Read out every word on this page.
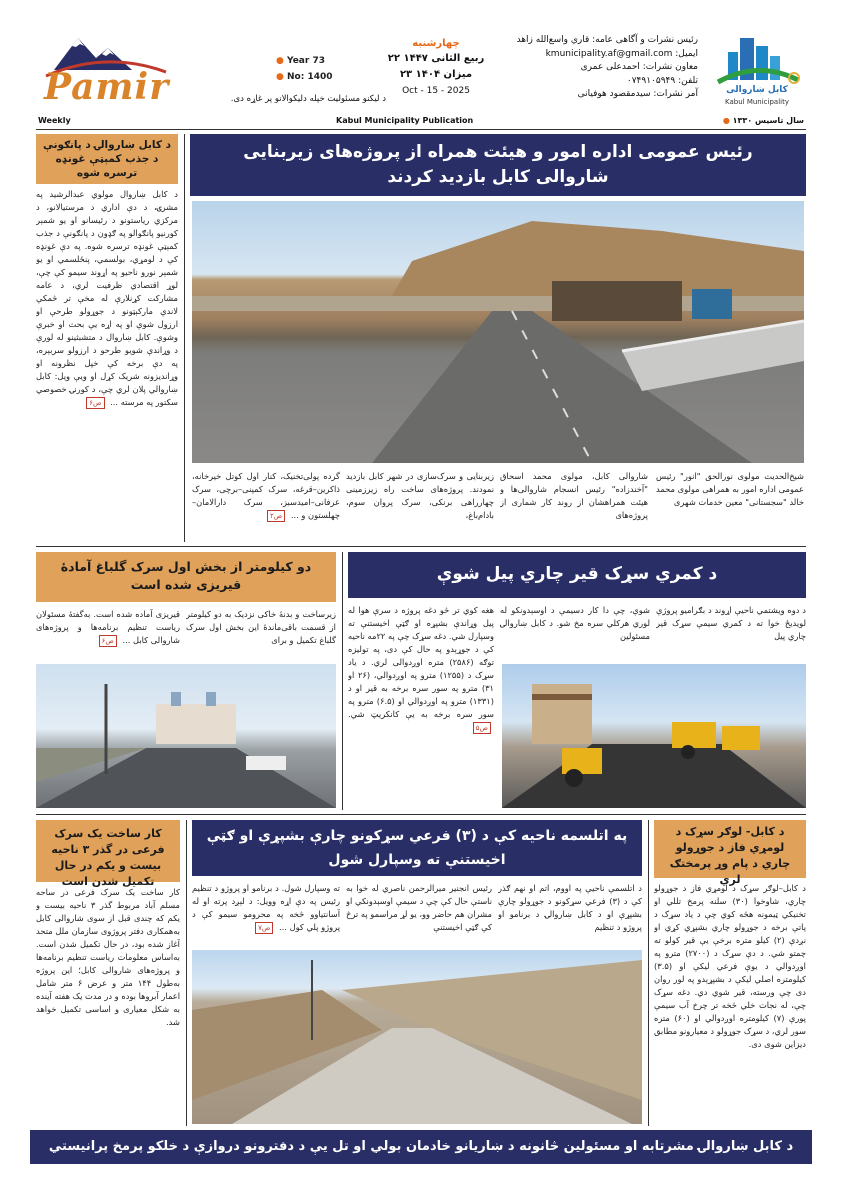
Pamir
● Year 73
● No: 1400
د لیکنو مسئولیت خپله دلیکوالانو پر غاړه دی.
چهارشنبه
۲۲ ربیع الثانی ۱۴۴۷
۲۳ میزان ۱۴۰۴
Oct - 15 - 2025
رئیس نشرات و آگاهی عامه: قاري واسع‌الله زاهد
ایمیل: kmunicipality.af@gmail.com
معاون نشرات: احمدعلی عمری
تلفن: ۰۷۴۹۱۰۵۹۴۹
آمر نشرات: سیدمقصود هوفیانی	کابل ښاروالی
Kabul Municipality
Weekly	Kabul Municipality Publication	● سال تاسیس ۱۳۳۰
د کابل ښاروالۍ د پانګونې د جذب کمېټې غونډه ترسره شوه
د کابل ښاروال مولوي عبدالرشید په مشرۍ، د دې اداري د مرستیالانو، د مرکزي ریاستونو د رئیسانو او یو شمېر کورنیو پانګوالو په ګډون د پانګونې د جذب کمېټې غونډه ترسره شوه. په دې غونډه کې د لومړي، بولسمي، پنځلسمي او یو شمېر نورو ناحیو په اړوند سیمو کې چې، لوړ اقتصادي ظرفیت لري، د عامه مشارکت کړنلارې له مخې تر څمکې لاندې مارکېټونو د جوړولو طرحې او ارزول شوې او په اړه یې بحث او خبرې وشوې. کابل ښاروال د متشبثینو له لورې د وړاندې شویو طرحو د ارزولو سربېره، په دې برخه کې خپل نظرونه او وړاندیزونه شریک کړل او ویې ویل: کابل ښاروالي پلان لري چې، د کورنۍ خصوصي سکتور په مرسته ... ص۶
رئیس عمومی اداره امور و هیئت همراه از پروژه‌های زیربنایی شاروالی کابل بازدید کردند
شیخ‌الحدیث مولوی نورالحق "انور" رئیس عمومی اداره امور به همراهی مولوی محمد خالد "سجستانی" معین خدمات شهری
شاروالی کابل، مولوی محمد اسحاق "آخندزاده" رئیس انسجام شاروالی‌ها و هیئت همراهشان از روند کار شماری از پروژه‌های
زیربنایی و سرک‌سازی در شهر کابل بازدید نمودند. پروژه‌های ساخت راه زیرزمینی چهارراهی برنکی، سرک پروان سوم، بادام‌باغ،
گرده‌ پولی‌تخنیک، کنار اول کوتل خیرخانه، ذاکرین–قرغه، سرک کمپنی–برچی، سرک عرفانی–امیدسبز، سرک دارالامان–چهلستون و ... ص۲
دو کیلومتر از بخش اول سرک گلباغ آمادهٔ قیریزی شده است
زیرساخت و بدنهٔ خاکی نزدیک به دو کیلومتر از قسمت باقی‌ماندهٔ این بخش اول سرک گلباغ تکمیل و برای
قیریزی آماده شده است. به‌گفتهٔ مسئولان ریاست تنظیم برنامه‌ها و پروژه‌های شاروالی کابل ... ص۶
د کمري سړک قیر چاري پیل شوې
د دوه ویشتمي ناحیې اړوند د بګرامیو پروژې لویدیځ خوا ته د کمري سیمې سړک قیر چاري پیل
شوې، چې دا کار دسیمې د اوسېدونکو له لوري هرکلي سره مخ شو. د کابل ښاروالۍ مسئولین
هغه کوي تر څو دغه پروژه د سرې هوا له پیل وړاندې بشپړه او ګټې اخیستنې ته وسپارل شي. دغه سړک چې په ۲۲مه ناحیه کې د جوړېدو په حال کې دی، په تولیزه توګه (۲۵۸۶) متره اوږدوالی لري. د یاد سړک د (۱۲۵۵) مترو په اوږدوالي، (۲۶ او ۳۱) مترو په سور سره برخه به قیر او د (۱۳۳۱) مترو په اوږدوالي او (۶.۵) مترو په سور سره برخه به یې کانکریټ شي. ص۵
د کابل- لوګر سړک د لومړي فاز د جوړولو چاري د پام وړ پرمختګ لري
د کابل–لوګر سړک د لومړي فاز د جوړولو چاري، شاوخوا (۳۰) سلنه پرمخ تللي او تخنیکي ټیمونه هڅه کوي چې د یاد سړک د پاتې برخه د جوړولو چاري بشپړي کړي او نږدې (۲) کیلو متره برخې یې قیر کولو ته چمتو شي. د دې سړک د (۲۷۰۰) مترو په اوږدوالي د یوې فرعي لیکې او (۳.۵) کیلومتره اصلي لیکې د بشپړېدو په لور روان دی چې ورسته، قیر شوي دي. دغه سړک چې، له نجات خلي څخه تر چرخ آب سیمې پورې (۷) کیلومتره اوږدوالي او (۶۰) متره سور لري، د سړک جوړولو د معیارونو مطابق دیزاین شوی دی.
په اتلسمه ناحیه کې د (۳) فرعي سړکونو چارې بشپړې او ګټې اخیستنې ته وسپارل شول
د اتلسمې ناحیې په اووم، اتم او نهم ګذر کې د (۳) فرعي سړکونو د جوړولو چارې بشپړې او د کابل ښاروالۍ د برنامو او پروژو د تنظیم
رئیس انجنیر میرالرحمن ناصري له خوا به ناستې حال کې چې د سیمې اوسېدونکي او مشران هم حاضر وو، یو لړ مراسمو په ترڅ کې ګټې اخیستنې
ته وسپارل شول. د برنامو او پروژو د تنظیم رئیس په دې اړه وویل: د لېږد پرته او له آسانتیاوو څخه په محرومو سیمو کې د پروژو پلي کول ... ص۷
کار ساخت یک سرک فرعی در گذر ۳ ناحیه بیست و یکم در حال تکمیل شدن است
کار ساخت یک سرک فرعی در ساحه مسلم آباد مربوط گذر ۳ ناحیه بیست و یکم که چندی قبل از سوی شاروالی کابل به‌همکاری دفتر پروژوی سازمان ملل متحد آغاز شده بود، در حال تکمیل شدن است. به‌اساس معلومات ریاست تنظیم برنامه‌ها و پروژه‌های شاروالی کابل؛ این پروژه به‌طول ۱۴۴ متر و عرض ۶ متر شامل اعمار آبروها بوده و در مدت یک هفته آینده به شکل معیاری و اساسی تکمیل خواهد شد.
د کابل ښاروالۍ مشرتابه او مسئولین څانونه د ښاریانو خادمان بولي او تل یې د دفترونو دروازې د خلکو پرمخ پرانیستي دي.
